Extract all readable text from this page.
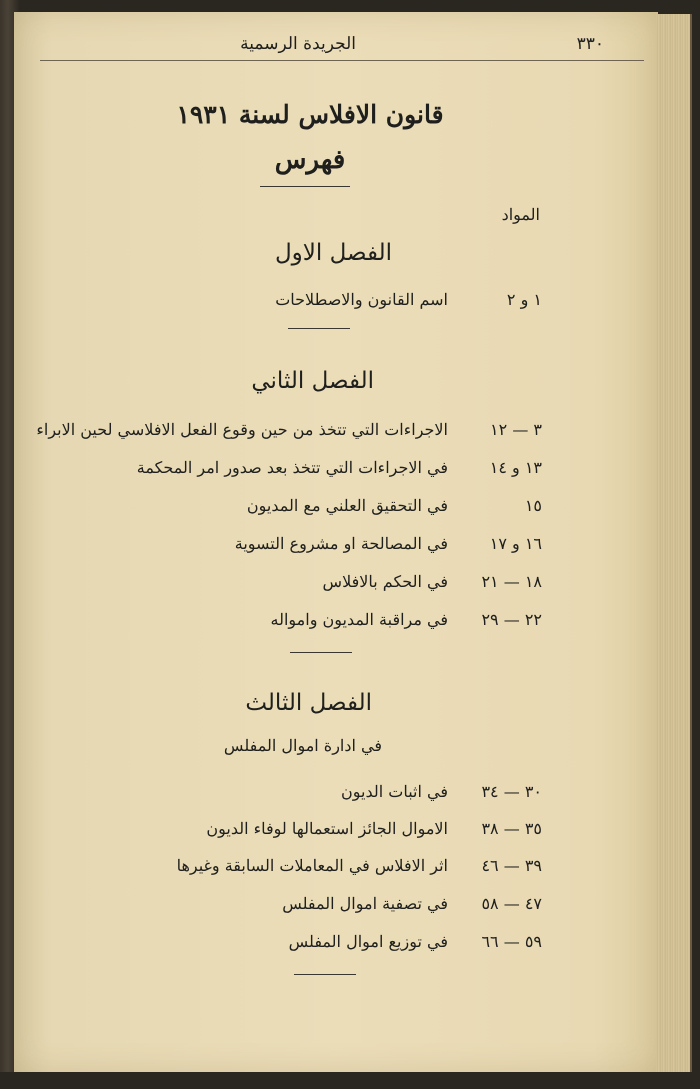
الجريدة الرسمية	٣٣٠
قانون الافلاس لسنة ١٩٣١
فهرس
المواد
الفصل الاول
١ و ٢
اسم القانون والاصطلاحات
الفصل الثاني
٣ — ١٢
الاجراءات التي تتخذ من حين وقوع الفعل الافلاسي لحين الابراء
١٣ و ١٤
في الاجراءات التي تتخذ بعد صدور امر المحكمة
١٥
في التحقيق العلني مع المديون
١٦ و ١٧
في المصالحة او مشروع التسوية
١٨ — ٢١
في الحكم بالافلاس
٢٢ — ٢٩
في مراقبة المديون وامواله
الفصل الثالث
في ادارة اموال المفلس
٣٠ — ٣٤
في اثبات الديون
٣٥ — ٣٨
الاموال الجائز استعمالها لوفاء الديون
٣٩ — ٤٦
اثر الافلاس في المعاملات السابقة وغيرها
٤٧ — ٥٨
في تصفية اموال المفلس
٥٩ — ٦٦
في توزيع اموال المفلس
